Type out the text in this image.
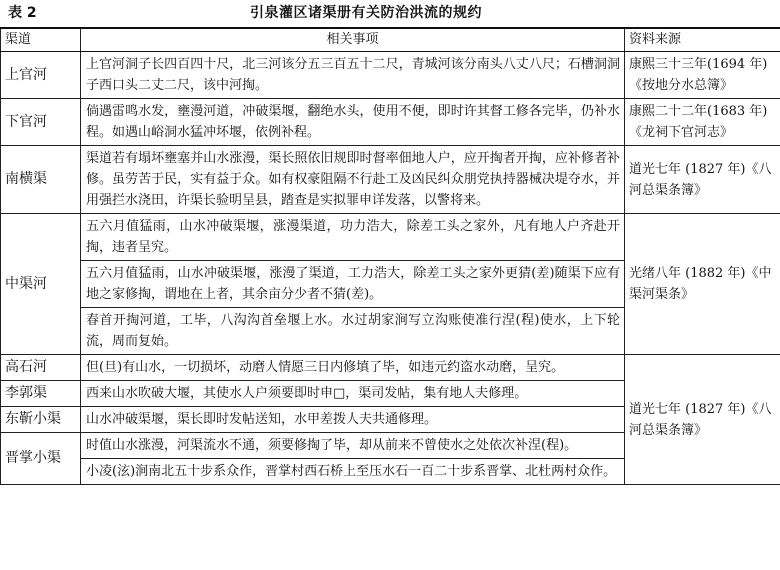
表 2	引泉灌区诸渠册有关防治洪流的规约
渠道	相关事项	资料来源
上官河	上官河洞子长四百四十尺，北三河该分五三百五十二尺，青城河该分南头八丈八尺；石槽洞洞子西口头二丈二尺，该中河掏。	康熙三十三年(1694 年)《按地分水总簿》
下官河	倘遇雷鸣水发，壅漫河道，冲破渠堰，翻绝水头，使用不便，即时许其督工修各完毕，仍补水程。如遇山峪洞水猛冲坏堰，依例补程。	康熙二十二年(1683 年)《龙祠下官河志》
南横渠	渠道若有塌坏壅塞并山水涨漫，渠长照依旧规即时督率佃地人户，应开掏者开掏，应补修者补修。虽劳苦于民，实有益于众。如有权豪阻隔不行赴工及凶民纠众朋党执持器械决堤夺水，并用强拦水浇田，许渠长验明呈县，踏查是实拟罪申详发落，以警将来。	道光七年 (1827 年)《八河总渠条簿》
中渠河	五六月值猛雨，山水冲破渠堰，涨漫渠道，功力浩大，除差工头之家外，凡有地人户齐赴开掏，违者呈究。	光绪八年 (1882 年)《中渠河渠条》
	五六月值猛雨，山水冲破渠堰，涨漫了渠道，工力浩大，除差工头之家外更猜(差)随渠下应有地之家修掏，谓地在上者，其余亩分少者不猜(差)。	
	春首开掏河道，工毕，八沟沟首垒堰上水。水过胡家涧写立沟账使准行涅(程)使水，上下轮流，周而复始。	
高石河	但(旦)有山水，一切损坏，动磨人情愿三日内修填了毕，如违元约盗水动磨，呈究。	道光七年 (1827 年)《八河总渠条簿》
李郭渠	西来山水吹破大堰，其使水人户须要即时申□，渠司发帖，集有地人夫修理。	
东靳小渠	山水冲破渠堰，渠长即时发帖送知，水甲差拨人夫共通修理。	
晋掌小渠	时值山水涨漫，河渠流水不通，须要修掏了毕，却从前来不曾使水之处依次补涅(程)。	
	小凌(泫)涧南北五十步系众作，晋掌村西石桥上至压水石一百二十步系晋掌、北杜两村众作。	
